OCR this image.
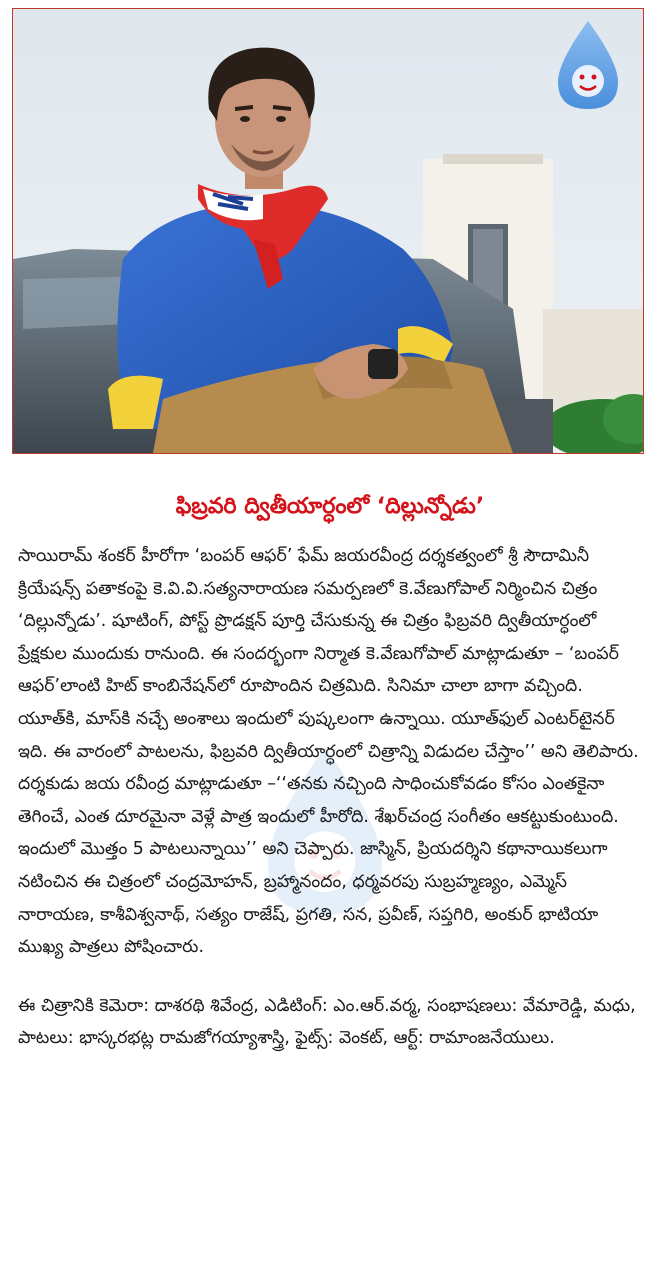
ఫిబ్రవరి ద్వితీయార్ధంలో ‘దిల్లున్నోడు’

సాయిరామ్ శంకర్ హీరోగా ‘బంపర్ ఆఫర్’ ఫేమ్ జయరవీంద్ర దర్శకత్వంలో శ్రీ సౌదామినీ క్రియేషన్స్ పతాకంపై కె.వి.వి.సత్యనారాయణ సమర్పణలో కె.వేణుగోపాల్ నిర్మించిన చిత్రం ‘దిల్లున్నోడు’. షూటింగ్, పోస్ట్ ప్రొడక్షన్ పూర్తి చేసుకున్న ఈ చిత్రం ఫిబ్రవరి ద్వితీయార్ధంలో ప్రేక్షకుల ముందుకు రానుంది. ఈ సందర్భంగా నిర్మాత కె.వేణుగోపాల్ మాట్లాడుతూ – ‘బంపర్ ఆఫర్’లాంటి హిట్ కాంబినేషన్‌లో రూపొందిన చిత్రమిది. సినిమా చాలా బాగా వచ్చింది. యూత్‌కి, మాస్‌కి నచ్చే అంశాలు ఇందులో పుష్కలంగా ఉన్నాయి. యూత్‌ఫుల్ ఎంటర్‌టైనర్ ఇది. ఈ వారంలో పాటలను, ఫిబ్రవరి ద్వితీయార్ధంలో చిత్రాన్ని విడుదల చేస్తాం’’ అని తెలిపారు. దర్శకుడు జయ రవీంద్ర మాట్లాడుతూ –‘‘తనకు నచ్చింది సాధించుకోవడం కోసం ఎంతకైనా తెగించే, ఎంత దూరమైనా వెళ్లే పాత్ర ఇందులో హీరోది. శేఖర్‌చంద్ర సంగీతం ఆకట్టుకుంటుంది. ఇందులో మొత్తం 5 పాటలున్నాయి’’ అని చెప్పారు. జాస్మిన్, ప్రియదర్శిని కథానాయికలుగా నటించిన ఈ చిత్రంలో చంద్రమోహన్, బ్రహ్మానందం, ధర్మవరపు సుబ్రహ్మణ్యం, ఎమ్మెస్ నారాయణ, కాశీవిశ్వనాథ్, సత్యం రాజేష్, ప్రగతి, సన, ప్రవీణ్, సప్తగిరి, అంకుర్ భాటియా ముఖ్య పాత్రలు పోషించారు.

ఈ చిత్రానికి కెమెరా: దాశరథి శివేంద్ర, ఎడిటింగ్: ఎం.ఆర్.వర్మ, సంభాషణలు: వేమారెడ్డి, మధు, పాటలు: భాస్కరభట్ల రామజోగయ్యాశాస్త్రి, ఫైట్స్: వెంకట్, ఆర్ట్: రామాంజనేయులు.
